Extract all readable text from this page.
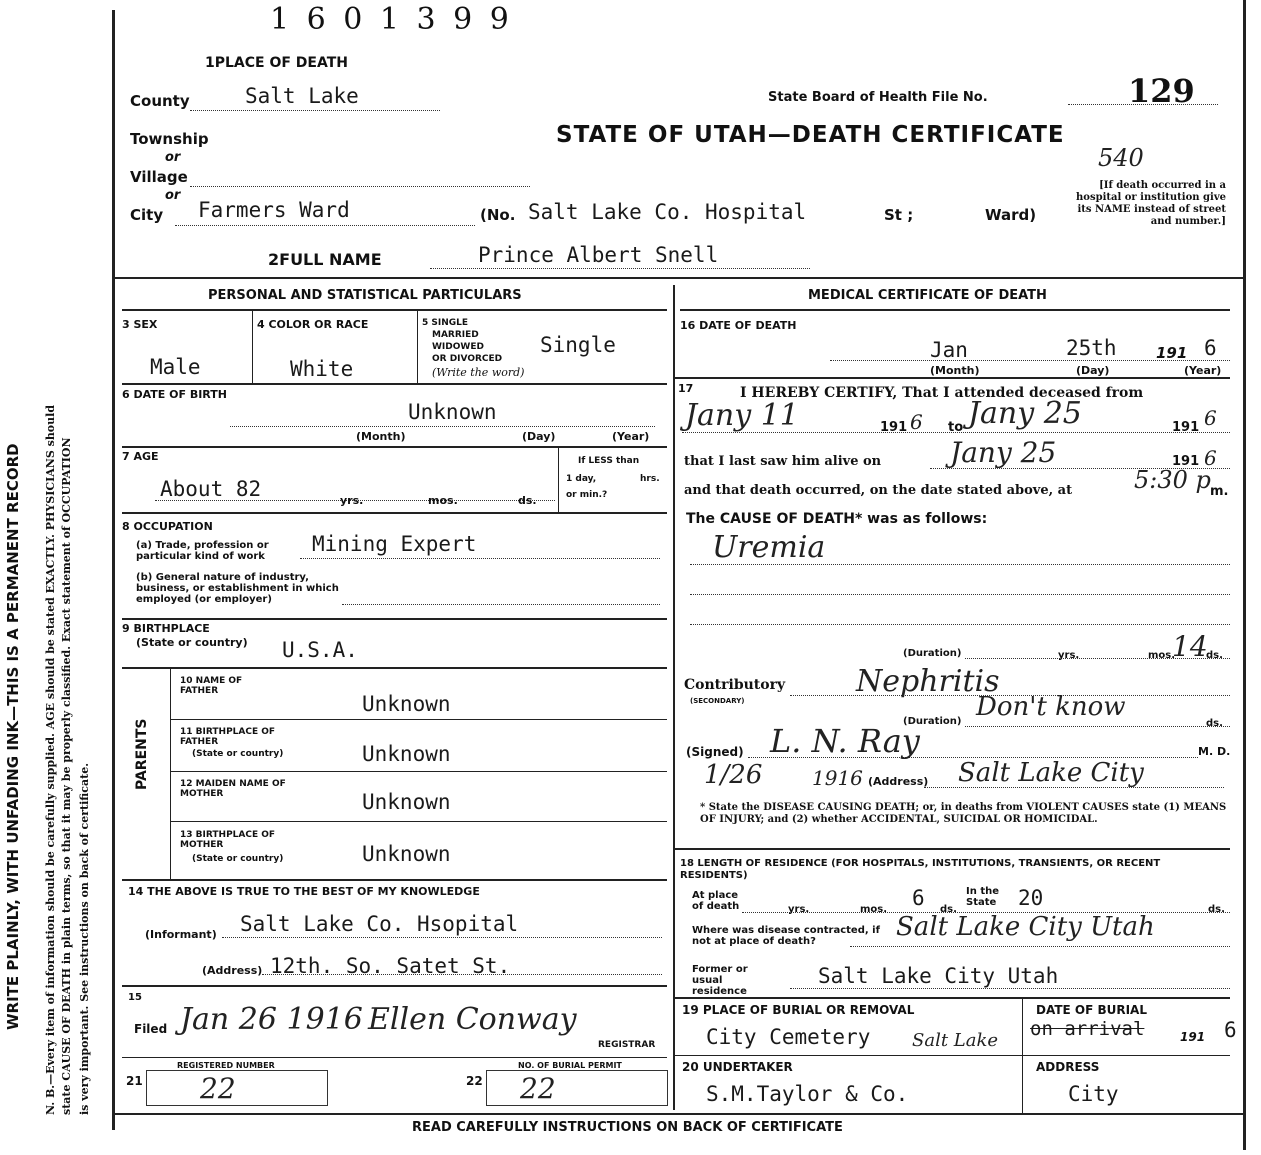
WRITE PLAINLY, WITH UNFADING INK—THIS IS A PERMANENT RECORD N. B.—Every item of information should be carefully supplied. AGE should be stated EXACTLY. PHYSICIANS should state CAUSE OF DEATH in plain terms, so that it may be properly classified. Exact statement of OCCUPATION is very important. See instructions on back of certificate.
1 6 0 1 3 9 9
1PLACE OF DEATH
County	Salt Lake
Township
or
Village
or
City Farmers Ward	(No. Salt Lake Co. Hospital	St ;	Ward)
State Board of Health File No.	129
540
STATE OF UTAH—DEATH CERTIFICATE
[If death occurred in a hospital or institution give its NAME instead of street and number.]
2FULL NAME	Prince Albert Snell
PERSONAL AND STATISTICAL PARTICULARS	MEDICAL CERTIFICATE OF DEATH
3 SEX
Male
4 COLOR OR RACE
White
5 SINGLE
MARRIED
WIDOWED
OR DIVORCED
(Write the word)
Single
6 DATE OF BIRTH
Unknown
(Month)	(Day)	(Year)
7 AGE
About 82	yrs.	mos.	ds.
If LESS than
1 day,	hrs.
or min.?
8 OCCUPATION
(a) Trade, profession or particular kind of work
Mining Expert
(b) General nature of industry, business, or establishment in which employed (or employer)
9 BIRTHPLACE
(State or country) U.S.A.
PARENTS
10 NAME OF FATHER
Unknown
11 BIRTHPLACE OF FATHER
(State or country)	Unknown
12 MAIDEN NAME OF MOTHER	Unknown
13 BIRTHPLACE OF MOTHER
(State or country)	Unknown
14 THE ABOVE IS TRUE TO THE BEST OF MY KNOWLEDGE
(Informant) Salt Lake Co. Hsopital
(Address) 12th. So. Satet St.
15
Filed Jan 26 1916 Ellen Conway
REGISTRAR
21
REGISTERED NUMBER
22	22
NO. OF BURIAL PERMIT
22
16 DATE OF DEATH
Jan	25th	191 6
(Month)	(Day)	(Year)
17	I HEREBY CERTIFY, That I attended deceased from
Jany 11	191 6 to Jany 25	191 6
that I last saw him alive on Jany 25	191 6
and that death occurred, on the date stated above, at	5:30 p m.
The CAUSE OF DEATH* was as follows:
Uremia
(Duration)	yrs.	mos.
14
ds.
Contributory
(SECONDARY)
Nephritis
(Duration) Don't know
ds.
(Signed) L. N. Ray	M. D.
1/26 1916 (Address) Salt Lake City
* State the DISEASE CAUSING DEATH; or, in deaths from VIOLENT CAUSES state (1) MEANS OF INJURY; and (2) whether ACCIDENTAL, SUICIDAL OR HOMICIDAL.
18 LENGTH OF RESIDENCE (FOR HOSPITALS, INSTITUTIONS, TRANSIENTS, OR RECENT RESIDENTS)
At place of death	yrs.	mos. 6 ds.
In the State	20	ds.
Where was disease contracted, if not at place of death?	Salt Lake City Utah
Former or usual residence
Salt Lake City Utah
19 PLACE OF BURIAL OR REMOVAL
City Cemetery Salt Lake
DATE OF BURIAL
on arrival	191 6
20 UNDERTAKER
S.M.Taylor & Co.
ADDRESS
City
READ CAREFULLY INSTRUCTIONS ON BACK OF CERTIFICATE
